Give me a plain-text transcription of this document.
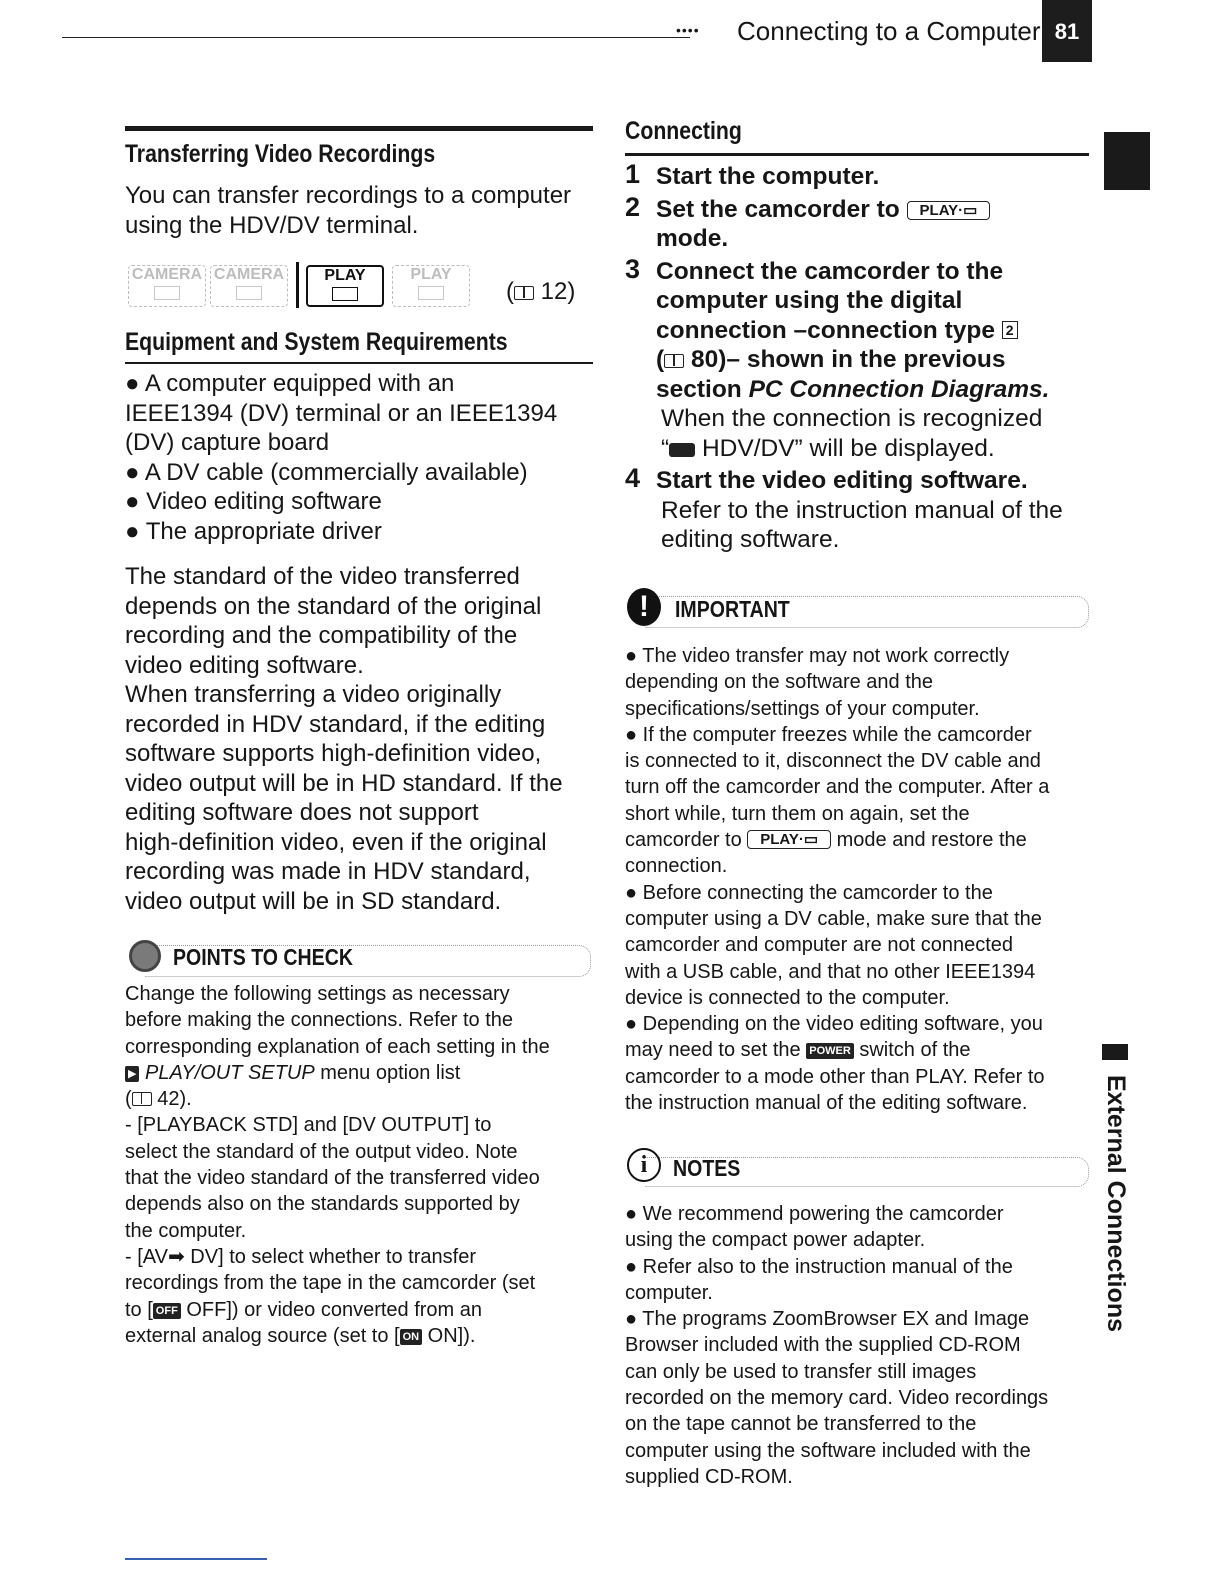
•••• Connecting to a Computer 81
External Connections
Transferring Video Recordings
You can transfer recordings to a computer using the HDV/DV terminal.
CAMERA CAMERA	PLAY	PLAY
( 12)
Equipment and System Requirements
● A computer equipped with an
IEEE1394 (DV) terminal or an IEEE1394
(DV) capture board
● A DV cable (commercially available)
● Video editing software
● The appropriate driver
The standard of the video transferred
depends on the standard of the original
recording and the compatibility of the
video editing software.
When transferring a video originally
recorded in HDV standard, if the editing
software supports high-definition video,
video output will be in HD standard. If the
editing software does not support
high-definition video, even if the original
recording was made in HDV standard,
video output will be in SD standard.
POINTS TO CHECK
Change the following settings as necessary
before making the connections. Refer to the
corresponding explanation of each setting in the
▶ PLAY/OUT SETUP menu option list
( 42).
- [PLAYBACK STD] and [DV OUTPUT] to
select the standard of the output video. Note
that the video standard of the transferred video
depends also on the standards supported by
the computer.
- [AV➡ DV] to select whether to transfer
recordings from the tape in the camcorder (set
to [ OFF OFF]) or video converted from an
external analog source (set to [ ON ON]).
Connecting
1 Start the computer.
2 Set the camcorder to PLAY·▭
mode.
3 Connect the camcorder to the
computer using the digital
connection –connection type 2
( 80)– shown in the previous
section PC Connection Diagrams.
When the connection is recognized
“ HDV/DV” will be displayed.
4 Start the video editing software.
Refer to the instruction manual of the
editing software.
!	IMPORTANT
● The video transfer may not work correctly
depending on the software and the
specifications/settings of your computer.
● If the computer freezes while the camcorder
is connected to it, disconnect the DV cable and
turn off the camcorder and the computer. After a
short while, turn them on again, set the
camcorder to PLAY·▭ mode and restore the
connection.
● Before connecting the camcorder to the
computer using a DV cable, make sure that the
camcorder and computer are not connected
with a USB cable, and that no other IEEE1394
device is connected to the computer.
● Depending on the video editing software, you
may need to set the POWER switch of the
camcorder to a mode other than PLAY. Refer to
the instruction manual of the editing software.
i	NOTES
● We recommend powering the camcorder
using the compact power adapter.
● Refer also to the instruction manual of the
computer.
● The programs ZoomBrowser EX and Image
Browser included with the supplied CD-ROM
can only be used to transfer still images
recorded on the memory card. Video recordings
on the tape cannot be transferred to the
computer using the software included with the
supplied CD-ROM.
